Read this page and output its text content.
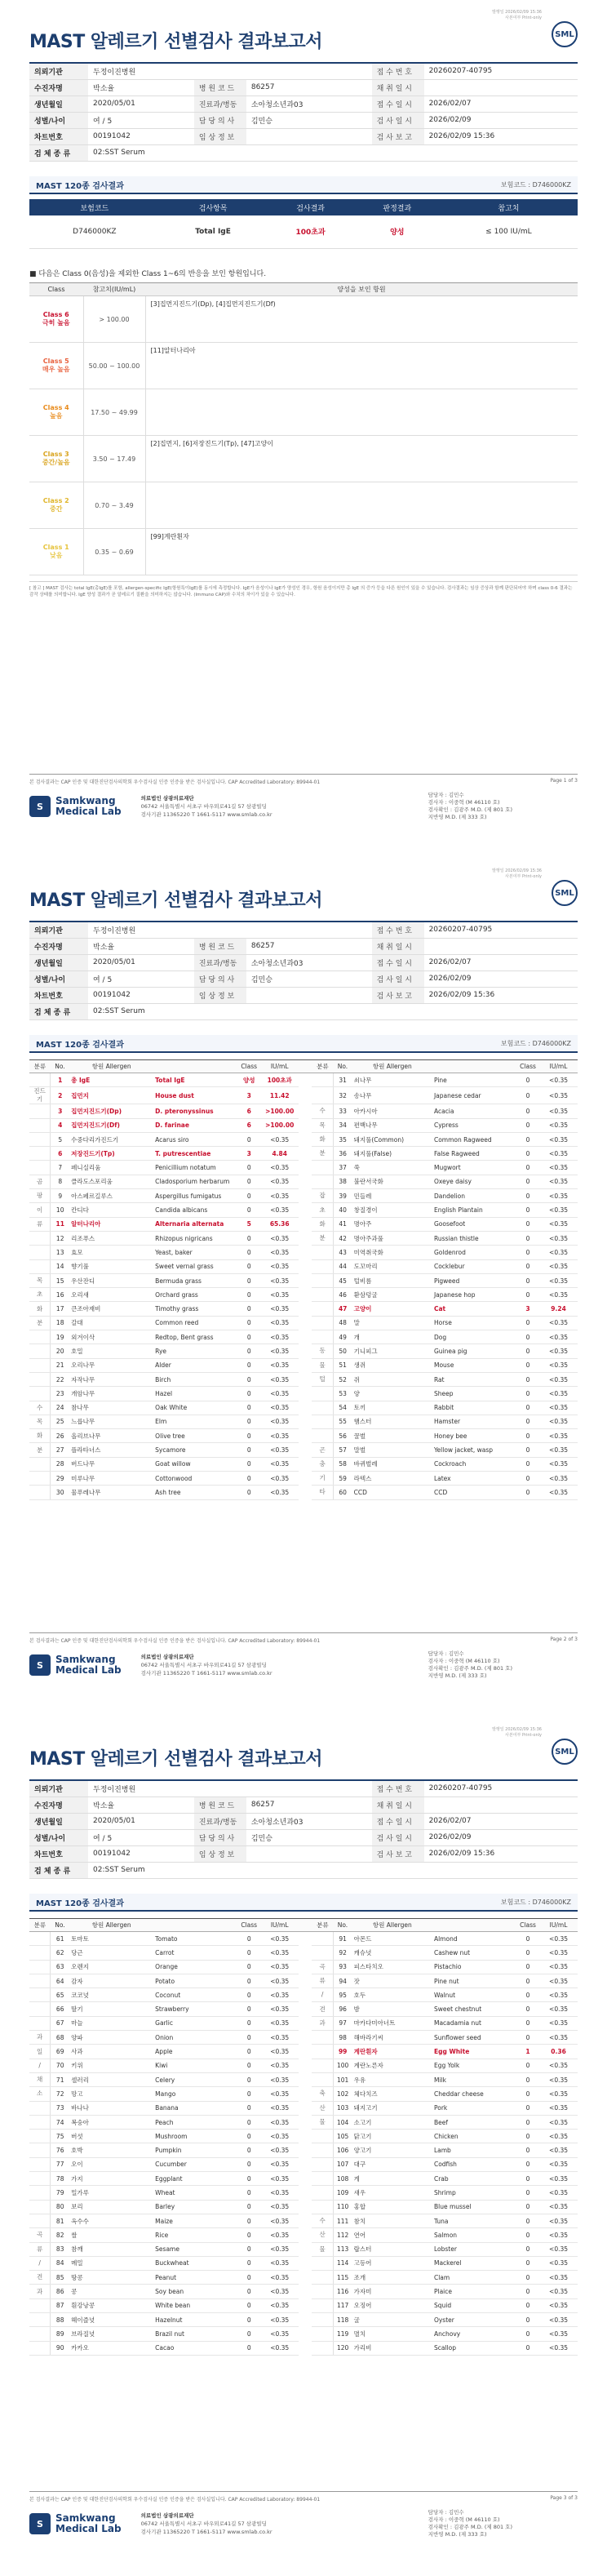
발행일 2026/02/09 15:36
사본여부 Print-only
SML
MAST 알레르기 선별검사 결과보고서
의뢰기관	두정이진병원			접 수 번 호	20260207-40795
수진자명	박소율	병 원 코 드	86257	채 취 일 시	
생년월일	2020/05/01	진료과/병동	소아청소년과03	접 수 일 시	2026/02/07
성별/나이	여 / 5	담 당 의 사	김민승	검 사 일 시	2026/02/09
차트번호	00191042	임 상 정 보		검 사 보 고	2026/02/09 15:36
검 체 종 류	02:SST Serum				
MAST 120종 검사결과	보험코드 : D746000KZ
보험코드	검사항목	검사결과	판정결과	참고치
D746000KZ	Total IgE	100초과	양성	≤ 100 IU/mL
■ 다음은 Class 0(음성)을 제외한 Class 1~6의 반응을 보인 항원입니다.
Class	참고치(IU/mL)	양성을 보인 항원

Class 6
극히 높음	> 100.00	[3]집먼지진드기(Dp), [4]집먼지진드기(Df)

Class 5
매우 높음	50.00 ~ 100.00	[11]알터나리아

Class 4
높음	17.50 ~ 49.99	

Class 3
중간/높음	3.50 ~ 17.49	[2]집먼지, [6]저장진드기(Tp), [47]고양이

Class 2
중간	0.70 ~ 3.49	

Class 1
낮음	0.35 ~ 0.69	[99]계란흰자
[ 참고 ] MAST 검사는 total IgE(총IgE)를 포함, allergen-specific IgE(항원특이IgE)를 동시에 측정합니다. IgE가 음성이나 IgE가 양성인 경우, 항원 음성이지만 총 IgE 의 증가 등을 다른 원인이 있을 수 있습니다. 검사결과는 임상 증상과 함께 판단되어야 하며 class 0-6 결과는 감작 상태를 의미합니다. IgE 양성 결과가 곧 알레르기 질환을 의미하지는 않습니다. (Immuno CAP)와 수치의 차이가 있을 수 있습니다.
본 검사결과는 CAP 인증 및 대한진단검사의학회 우수검사실 인증 인증을 받은 검사실입니다. CAP Accredited Laboratory: 89944-01	Page 1 of 3
S	Samkwang
Medical Lab
의료법인 삼광의료재단
06742 서울특별시 서초구 바우뫼로41길 57 삼광빌딩
검사기관 11365220 T 1661-5117 www.smlab.co.kr
담당자 : 김민수
검사자 : 이중혁 (M 46110 호)
검사확인 : 김광주 M.D. (제 801 호)
지반영 M.D. (제 333 호)
발행일 2026/02/09 15:36
사본여부 Print-only
SML
MAST 알레르기 선별검사 결과보고서
의뢰기관	두정이진병원			접 수 번 호	20260207-40795
수진자명	박소율	병 원 코 드	86257	채 취 일 시	
생년월일	2020/05/01	진료과/병동	소아청소년과03	접 수 일 시	2026/02/07
성별/나이	여 / 5	담 당 의 사	김민승	검 사 일 시	2026/02/09
차트번호	00191042	임 상 정 보		검 사 보 고	2026/02/09 15:36
검 체 종 류	02:SST Serum				
MAST 120종 검사결과	보험코드 : D746000KZ
분류	No.	항원 Allergen		Class	IU/mL		분류	No.	항원 Allergen		Class	IU/mL
	1	총 IgE	Total IgE	양성	100초과			31	쇠나무	Pine	0	<0.35
진드기	2	집먼지	House dust	3	11.42			32	송나무	Japanese cedar	0	<0.35
	3	집먼지진드기(Dp)	D. pteronyssinus	6	>100.00		수	33	아카시아	Acacia	0	<0.35
	4	집먼지진드기(Df)	D. farinae	6	>100.00		목	34	편백나무	Cypress	0	<0.35
	5	수중다리가진드기	Acarus siro	0	<0.35		화	35	돼지풀(Common)	Common Ragweed	0	<0.35
	6	저장진드기(Tp)	T. putrescentiae	3	4.84		분	36	돼지풀(False)	False Ragweed	0	<0.35
	7	페니실리움	Penicillium notatum	0	<0.35			37	쑥	Mugwort	0	<0.35
곰	8	클라도스포리움	Cladosporium herbarum	0	<0.35			38	불란서국화	Oxeye daisy	0	<0.35
팡	9	아스페르길루스	Aspergillus fumigatus	0	<0.35		잡	39	민들레	Dandelion	0	<0.35
이	10	칸디다	Candida albicans	0	<0.35		초	40	창질경이	English Plantain	0	<0.35
류	11	알터나리아	Alternaria alternata	5	65.36		화	41	명아주	Goosefoot	0	<0.35
	12	리조푸스	Rhizopus nigricans	0	<0.35		분	42	명아주과풀	Russian thistle	0	<0.35
	13	효모	Yeast, baker	0	<0.35			43	미역취국화	Goldenrod	0	<0.35
	14	향기풀	Sweet vernal grass	0	<0.35			44	도꼬마리	Cocklebur	0	<0.35
목	15	우산잔디	Bermuda grass	0	<0.35			45	털비름	Pigweed	0	<0.35
초	16	오리새	Orchard grass	0	<0.35			46	환삼덩굴	Japanese hop	0	<0.35
화	17	큰조아재비	Timothy grass	0	<0.35			47	고양이	Cat	3	9.24
분	18	갈대	Common reed	0	<0.35			48	말	Horse	0	<0.35
	19	외겨이삭	Redtop, Bent grass	0	<0.35			49	개	Dog	0	<0.35
	20	호밀	Rye	0	<0.35		동	50	기니피그	Guinea pig	0	<0.35
	21	오리나무	Alder	0	<0.35		물	51	생쥐	Mouse	0	<0.35
	22	자작나무	Birch	0	<0.35		털	52	쥐	Rat	0	<0.35
	23	개암나무	Hazel	0	<0.35			53	양	Sheep	0	<0.35
수	24	참나무	Oak White	0	<0.35			54	토끼	Rabbit	0	<0.35
목	25	느릅나무	Elm	0	<0.35			55	햄스터	Hamster	0	<0.35
화	26	올리브나무	Olive tree	0	<0.35			56	꿀벌	Honey bee	0	<0.35
분	27	플라타너스	Sycamore	0	<0.35		곤	57	말벌	Yellow jacket, wasp	0	<0.35
	28	버드나무	Goat willow	0	<0.35		충	58	바퀴벌레	Cockroach	0	<0.35
	29	미루나무	Cottonwood	0	<0.35		기	59	라텍스	Latex	0	<0.35
	30	물푸레나무	Ash tree	0	<0.35		타	60	CCD	CCD	0	<0.35
본 검사결과는 CAP 인증 및 대한진단검사의학회 우수검사실 인증 인증을 받은 검사실입니다. CAP Accredited Laboratory: 89944-01	Page 2 of 3
S	Samkwang
Medical Lab
의료법인 삼광의료재단
06742 서울특별시 서초구 바우뫼로41길 57 삼광빌딩
검사기관 11365220 T 1661-5117 www.smlab.co.kr
담당자 : 김민수
검사자 : 이중혁 (M 46110 호)
검사확인 : 김광주 M.D. (제 801 호)
지반영 M.D. (제 333 호)
발행일 2026/02/09 15:36
사본여부 Print-only
SML
MAST 알레르기 선별검사 결과보고서
의뢰기관	두정이진병원			접 수 번 호	20260207-40795
수진자명	박소율	병 원 코 드	86257	채 취 일 시	
생년월일	2020/05/01	진료과/병동	소아청소년과03	접 수 일 시	2026/02/07
성별/나이	여 / 5	담 당 의 사	김민승	검 사 일 시	2026/02/09
차트번호	00191042	임 상 정 보		검 사 보 고	2026/02/09 15:36
검 체 종 류	02:SST Serum				
MAST 120종 검사결과	보험코드 : D746000KZ
분류	No.	항원 Allergen		Class	IU/mL		분류	No.	항원 Allergen		Class	IU/mL
	61	토마토	Tomato	0	<0.35			91	아몬드	Almond	0	<0.35
	62	당근	Carrot	0	<0.35			92	캐슈넛	Cashew nut	0	<0.35
	63	오렌지	Orange	0	<0.35		곡	93	피스타치오	Pistachio	0	<0.35
	64	감자	Potato	0	<0.35		류	94	잣	Pine nut	0	<0.35
	65	코코넛	Coconut	0	<0.35		/	95	호두	Walnut	0	<0.35
	66	딸기	Strawberry	0	<0.35		견	96	밤	Sweet chestnut	0	<0.35
	67	마늘	Garlic	0	<0.35		과	97	마카다미아너트	Macadamia nut	0	<0.35
과	68	양파	Onion	0	<0.35			98	해바라기씨	Sunflower seed	0	<0.35
일	69	사과	Apple	0	<0.35			99	계란흰자	Egg White	1	0.36
/	70	키위	Kiwi	0	<0.35			100	계란노른자	Egg Yolk	0	<0.35
채	71	셀러리	Celery	0	<0.35			101	우유	Milk	0	<0.35
소	72	망고	Mango	0	<0.35		축	102	체다치즈	Cheddar cheese	0	<0.35
	73	바나나	Banana	0	<0.35		산	103	돼지고기	Pork	0	<0.35
	74	복숭아	Peach	0	<0.35		물	104	소고기	Beef	0	<0.35
	75	버섯	Mushroom	0	<0.35			105	닭고기	Chicken	0	<0.35
	76	호박	Pumpkin	0	<0.35			106	양고기	Lamb	0	<0.35
	77	오이	Cucumber	0	<0.35			107	대구	Codfish	0	<0.35
	78	가지	Eggplant	0	<0.35			108	게	Crab	0	<0.35
	79	밀가루	Wheat	0	<0.35			109	새우	Shrimp	0	<0.35
	80	보리	Barley	0	<0.35			110	홍합	Blue mussel	0	<0.35
	81	옥수수	Maize	0	<0.35		수	111	참치	Tuna	0	<0.35
곡	82	쌀	Rice	0	<0.35		산	112	연어	Salmon	0	<0.35
류	83	참깨	Sesame	0	<0.35		물	113	랍스터	Lobster	0	<0.35
/	84	메밀	Buckwheat	0	<0.35			114	고등어	Mackerel	0	<0.35
견	85	땅콩	Peanut	0	<0.35			115	조개	Clam	0	<0.35
과	86	콩	Soy bean	0	<0.35			116	가자미	Plaice	0	<0.35
	87	흰강낭콩	White bean	0	<0.35			117	오징어	Squid	0	<0.35
	88	헤이즐넛	Hazelnut	0	<0.35			118	굴	Oyster	0	<0.35
	89	브라질넛	Brazil nut	0	<0.35			119	멸치	Anchovy	0	<0.35
	90	카카오	Cacao	0	<0.35			120	가리비	Scallop	0	<0.35
본 검사결과는 CAP 인증 및 대한진단검사의학회 우수검사실 인증 인증을 받은 검사실입니다. CAP Accredited Laboratory: 89944-01	Page 3 of 3
S	Samkwang
Medical Lab
의료법인 삼광의료재단
06742 서울특별시 서초구 바우뫼로41길 57 삼광빌딩
검사기관 11365220 T 1661-5117 www.smlab.co.kr
담당자 : 김민수
검사자 : 이중혁 (M 46110 호)
검사확인 : 김광주 M.D. (제 801 호)
지반영 M.D. (제 333 호)
